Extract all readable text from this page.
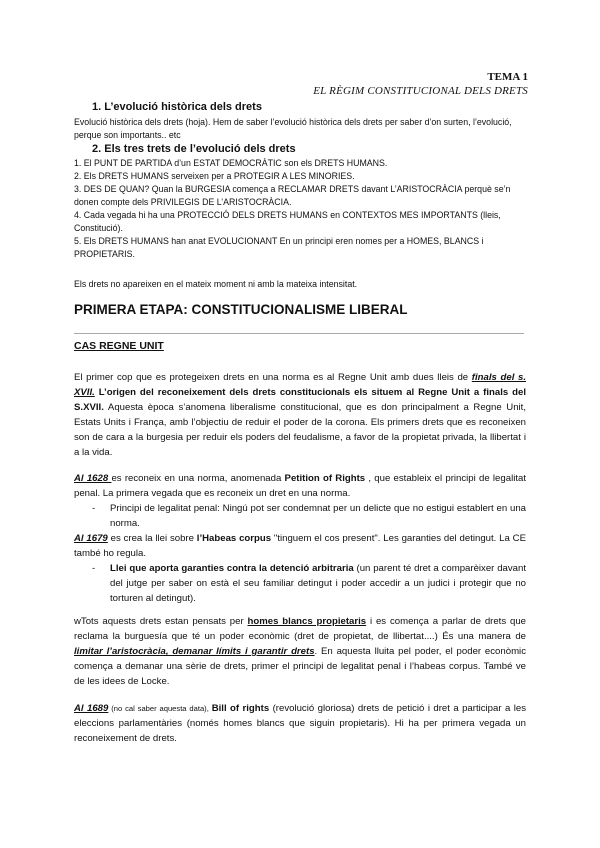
TEMA 1
EL RÈGIM CONSTITUCIONAL DELS DRETS
1. L’evolució històrica dels drets
Evolució històrica dels drets (hoja). Hem de saber l’evolució històrica dels drets per saber d’on surten, l’evolució, perque son importants.. etc
2. Els tres trets de l’evolució dels drets
1. El PUNT DE PARTIDA d’un ESTAT DEMOCRÀTIC son els DRETS HUMANS.
2. Els DRETS HUMANS serveixen per a PROTEGIR A LES MINORIES.
3. DES DE QUAN? Quan la BURGESIA comença a RECLAMAR DRETS davant L’ARISTOCRÀCIA perquè se’n donen compte dels PRIVILEGIS DE L’ARISTOCRÀCIA.
4. Cada vegada hi ha una PROTECCIÓ DELS DRETS HUMANS en CONTEXTOS MES IMPORTANTS (lleis, Constitució).
5. Els DRETS HUMANS han anat EVOLUCIONANT En un principi eren nomes per a HOMES, BLANCS i PROPIETARIS.
Els drets no apareixen en el mateix moment ni amb la mateixa intensitat.
PRIMERA ETAPA: CONSTITUCIONALISME LIBERAL
CAS REGNE UNIT
El primer cop que es protegeixen drets en una norma es al Regne Unit amb dues lleis de finals del s. XVII. L’origen del reconeixement dels drets constitucionals els situem al Regne Unit a finals del S.XVII. Aquesta època s’anomena liberalisme constitucional, que es don principalment a Regne Unit, Estats Units i França, amb l’objectiu de reduir el poder de la corona. Els primers drets que es reconeixen son de cara a la burgesia per reduir els poders del feudalisme, a favor de la propietat privada, la llibertat i a la vida.
Al 1628 es reconeix en una norma, anomenada Petition of Rights , que estableix el principi de legalitat penal. La primera vegada que es reconeix un dret en una norma.
- Principi de legalitat penal: Ningú pot ser condemnat per un delicte que no estigui establert en una norma.
Al 1679 es crea la llei sobre l’Habeas corpus "tinguem el cos present". Les garanties del detingut. La CE també ho regula.
- Llei que aporta garanties contra la detenció arbitraria (un parent té dret a comparèixer davant del jutge per saber on està el seu familiar detingut i poder accedir a un judici i protegir que no torturen al detingut).
wTots aquests drets estan pensats per homes blancs propietaris i es comença a parlar de drets que reclama la burguesía que té un poder econòmic (dret de propietat, de llibertat....) És una manera de limitar l’aristocràcia, demanar límits i garantir drets. En aquesta lluita pel poder, el poder econòmic comença a demanar una sèrie de drets, primer el principi de legalitat penal i l’habeas corpus. També ve de les idees de Locke.
Al 1689 (no cal saber aquesta data), Bill of rights (revolució gloriosa) drets de petició i dret a participar a les eleccions parlamentàries (només homes blancs que siguin propietaris). Hi ha per primera vegada un reconeixement de drets.
